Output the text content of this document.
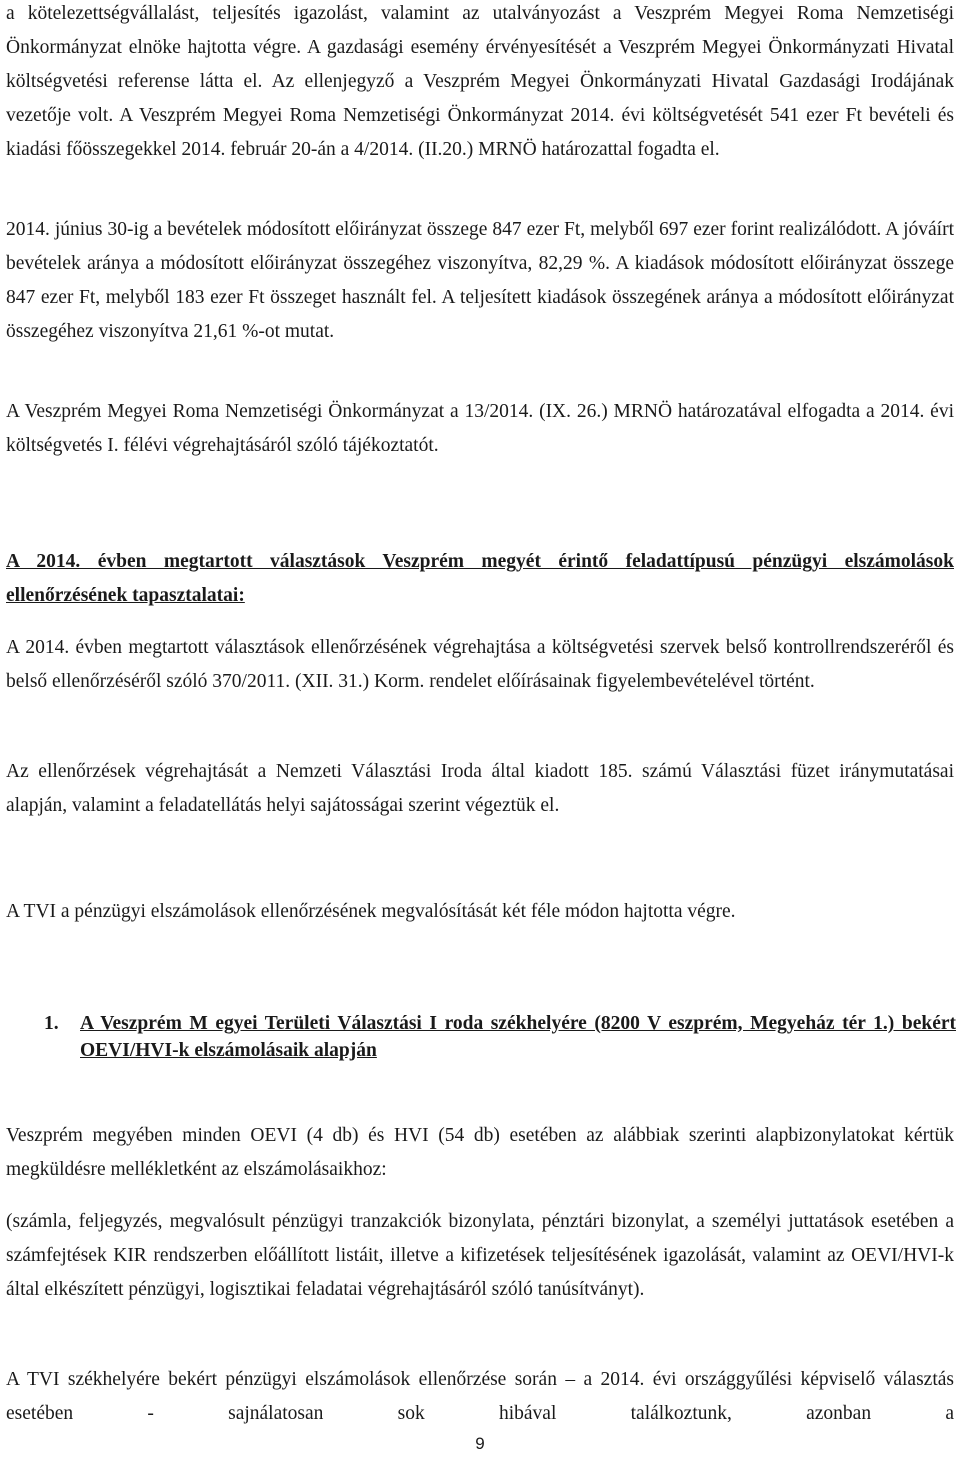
a kötelezettségvállalást, teljesítés igazolást, valamint az utalványozást a Veszprém Megyei Roma Nemzetiségi Önkormányzat elnöke hajtotta végre. A gazdasági esemény érvényesítését a Veszprém Megyei Önkormányzati Hivatal költségvetési referense látta el. Az ellenjegyző a Veszprém Megyei Önkormányzati Hivatal Gazdasági Irodájának vezetője volt. A Veszprém Megyei Roma Nemzetiségi Önkormányzat 2014. évi költségvetését 541 ezer Ft bevételi és kiadási főösszegekkel 2014. február 20-án a 4/2014. (II.20.) MRNÖ határozattal fogadta el.

2014. június 30-ig a bevételek módosított előirányzat összege 847 ezer Ft, melyből 697 ezer forint realizálódott. A jóváírt bevételek aránya a módosított előirányzat összegéhez viszonyítva, 82,29 %. A kiadások módosított előirányzat összege 847 ezer Ft, melyből 183 ezer Ft összeget használt fel. A teljesített kiadások összegének aránya a módosított előirányzat összegéhez viszonyítva 21,61 %-ot mutat.

A Veszprém Megyei Roma Nemzetiségi Önkormányzat a 13/2014. (IX. 26.) MRNÖ határozatával elfogadta a 2014. évi költségvetés I. félévi végrehajtásáról szóló tájékoztatót.

A 2014. évben megtartott választások Veszprém megyét érintő feladattípusú pénzügyi elszámolások ellenőrzésének tapasztalatai:

A 2014. évben megtartott választások ellenőrzésének végrehajtása a költségvetési szervek belső kontrollrendszeréről és belső ellenőrzéséről szóló 370/2011. (XII. 31.) Korm. rendelet előírásainak figyelembevételével történt.

Az ellenőrzések végrehajtását a Nemzeti Választási Iroda által kiadott 185. számú Választási füzet iránymutatásai alapján, valamint a feladatellátás helyi sajátosságai szerint végeztük el.

A TVI a pénzügyi elszámolások ellenőrzésének megvalósítását két féle módon hajtotta végre.

1. A Veszprém M egyei Területi Választási I roda székhelyére (8200 V eszprém, Megyeház tér 1.) bekért OEVI/HVI-k elszámolásaik alapján

Veszprém megyében minden OEVI (4 db) és HVI (54 db) esetében az alábbiak szerinti alapbizonylatokat kértük megküldésre mellékletként az elszámolásaikhoz:

(számla, feljegyzés, megvalósult pénzügyi tranzakciók bizonylata, pénztári bizonylat, a személyi juttatások esetében a számfejtések KIR rendszerben előállított listáit, illetve a kifizetések teljesítésének igazolását, valamint az OEVI/HVI-k által elkészített pénzügyi, logisztikai feladatai végrehajtásáról szóló tanúsítványt).

A TVI székhelyére bekért pénzügyi elszámolások ellenőrzése során – a 2014. évi országgyűlési képviselő választás esetében - sajnálatosan sok hibával találkoztunk, azonban a

9
